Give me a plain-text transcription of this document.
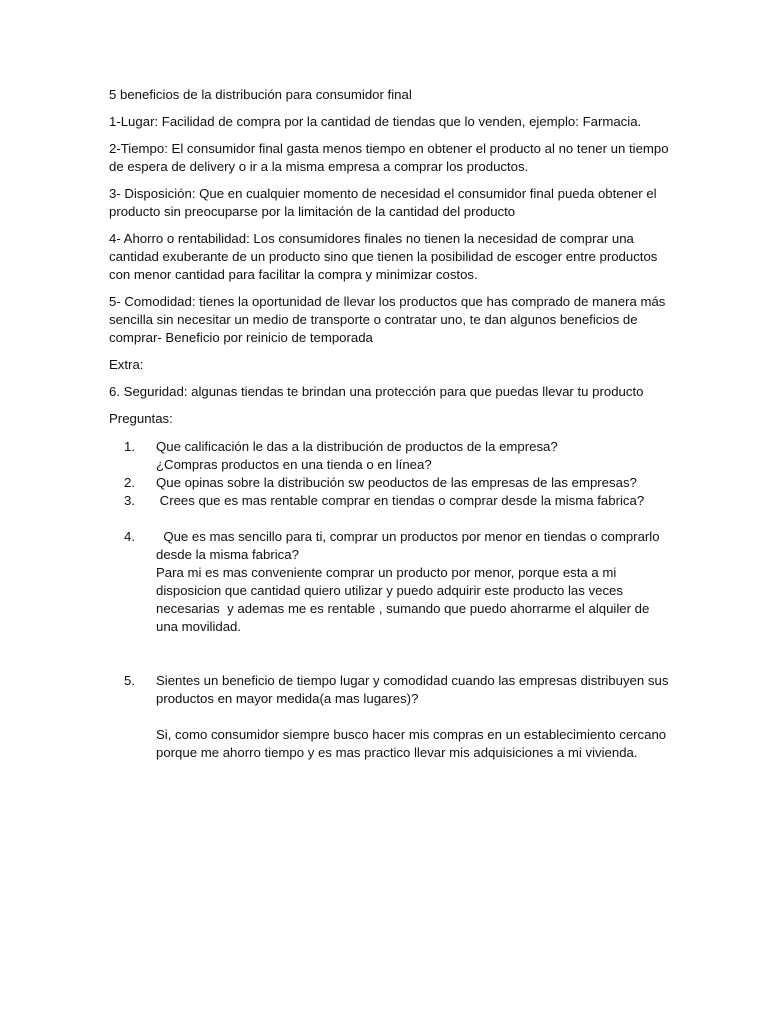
5 beneficios de la distribución para consumidor final

1-Lugar: Facilidad de compra por la cantidad de tiendas que lo venden, ejemplo: Farmacia.

2-Tiempo: El consumidor final gasta menos tiempo en obtener el producto al no tener un tiempo de espera de delivery o ir a la misma empresa a comprar los productos.

3- Disposición: Que en cualquier momento de necesidad el consumidor final pueda obtener el producto sin preocuparse por la limitación de la cantidad del producto

4- Ahorro o rentabilidad: Los consumidores finales no tienen la necesidad de comprar una cantidad exuberante de un producto sino que tienen la posibilidad de escoger entre productos con menor cantidad para facilitar la compra y minimizar costos.

5- Comodidad: tienes la oportunidad de llevar los productos que has comprado de manera más sencilla sin necesitar un medio de transporte o contratar uno, te dan algunos beneficios de comprar- Beneficio por reinicio de temporada

Extra:

6. Seguridad: algunas tiendas te brindan una protección para que puedas llevar tu producto

Preguntas:

1.	Que calificación le das a la distribución de productos de la empresa?
¿Compras productos en una tienda o en línea?
2.	Que opinas sobre la distribución sw peoductos de las empresas de las empresas?
3.	Crees que es mas rentable comprar en tiendas o comprar desde la misma fabrica?
4.	Que es mas sencillo para ti, comprar un productos por menor en tiendas o comprarlo desde la misma fabrica?
Para mi es mas conveniente comprar un producto por menor, porque esta a mi disposicion que cantidad quiero utilizar y puedo adquirir este producto las veces necesarias  y ademas me es rentable , sumando que puedo ahorrarme el alquiler de una movilidad.
5.	Sientes un beneficio de tiempo lugar y comodidad cuando las empresas distribuyen sus productos en mayor medida(a mas lugares)?
Si, como consumidor siempre busco hacer mis compras en un establecimiento cercano porque me ahorro tiempo y es mas practico llevar mis adquisiciones a mi vivienda.
